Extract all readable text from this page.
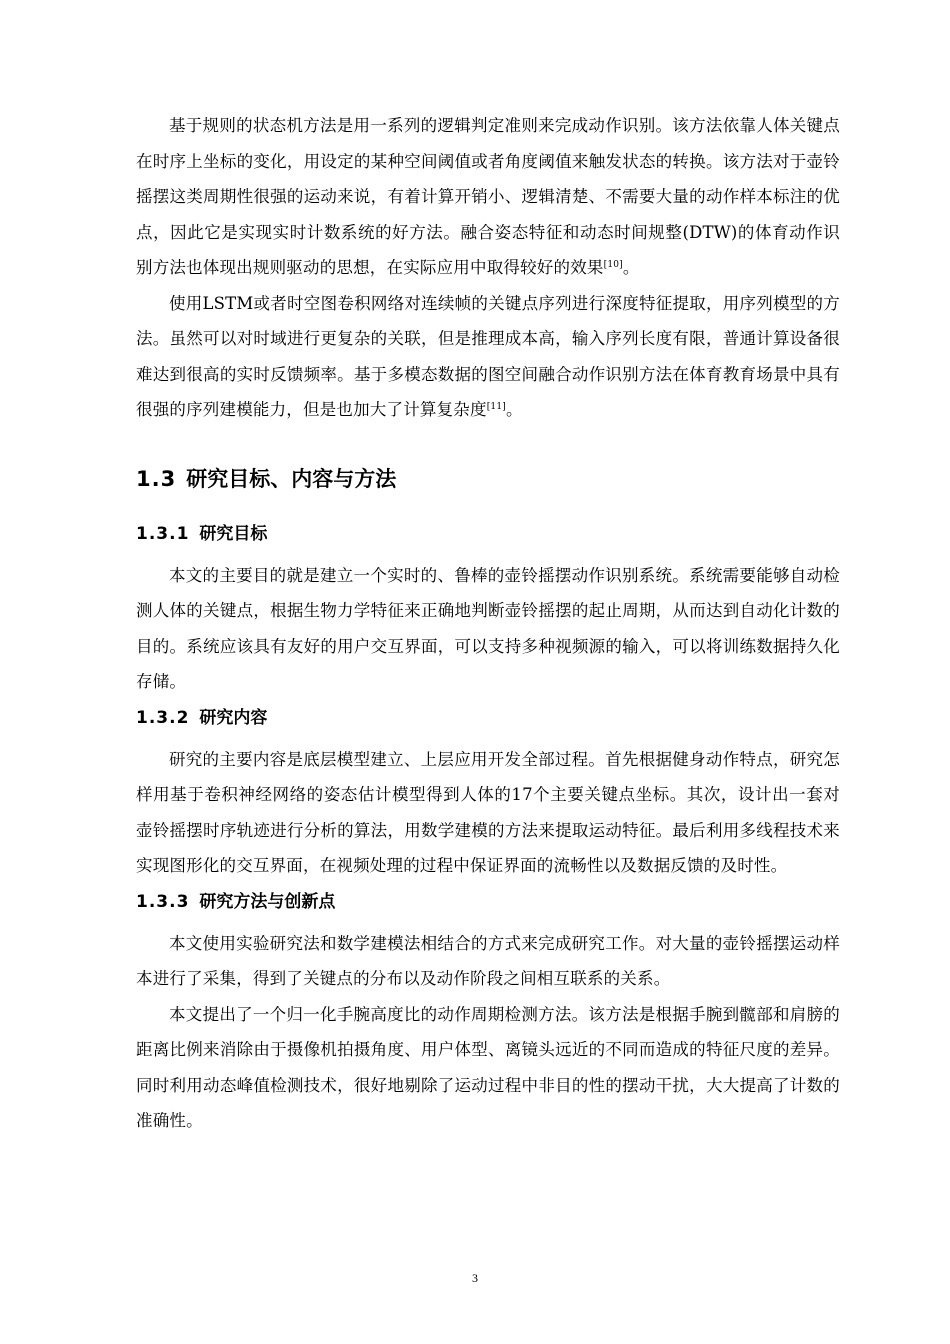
基于规则的状态机方法是用一系列的逻辑判定准则来完成动作识别。该方法依靠人体关键点在时序上坐标的变化，用设定的某种空间阈值或者角度阈值来触发状态的转换。该方法对于壶铃摇摆这类周期性很强的运动来说，有着计算开销小、逻辑清楚、不需要大量的动作样本标注的优点，因此它是实现实时计数系统的好方法。融合姿态特征和动态时间规整(DTW)的体育动作识别方法也体现出规则驱动的思想，在实际应用中取得较好的效果[10]。

使用LSTM或者时空图卷积网络对连续帧的关键点序列进行深度特征提取，用序列模型的方法。虽然可以对时域进行更复杂的关联，但是推理成本高，输入序列长度有限，普通计算设备很难达到很高的实时反馈频率。基于多模态数据的图空间融合动作识别方法在体育教育场景中具有很强的序列建模能力，但是也加大了计算复杂度[11]。

1.3 研究目标、内容与方法
1.3.1 研究目标

本文的主要目的就是建立一个实时的、鲁棒的壶铃摇摆动作识别系统。系统需要能够自动检测人体的关键点，根据生物力学特征来正确地判断壶铃摇摆的起止周期，从而达到自动化计数的目的。系统应该具有友好的用户交互界面，可以支持多种视频源的输入，可以将训练数据持久化存储。

1.3.2 研究内容

研究的主要内容是底层模型建立、上层应用开发全部过程。首先根据健身动作特点，研究怎样用基于卷积神经网络的姿态估计模型得到人体的17个主要关键点坐标。其次，设计出一套对壶铃摇摆时序轨迹进行分析的算法，用数学建模的方法来提取运动特征。最后利用多线程技术来实现图形化的交互界面，在视频处理的过程中保证界面的流畅性以及数据反馈的及时性。

1.3.3 研究方法与创新点

本文使用实验研究法和数学建模法相结合的方式来完成研究工作。对大量的壶铃摇摆运动样本进行了采集，得到了关键点的分布以及动作阶段之间相互联系的关系。

本文提出了一个归一化手腕高度比的动作周期检测方法。该方法是根据手腕到髋部和肩膀的距离比例来消除由于摄像机拍摄角度、用户体型、离镜头远近的不同而造成的特征尺度的差异。同时利用动态峰值检测技术，很好地剔除了运动过程中非目的性的摆动干扰，大大提高了计数的准确性。

3
